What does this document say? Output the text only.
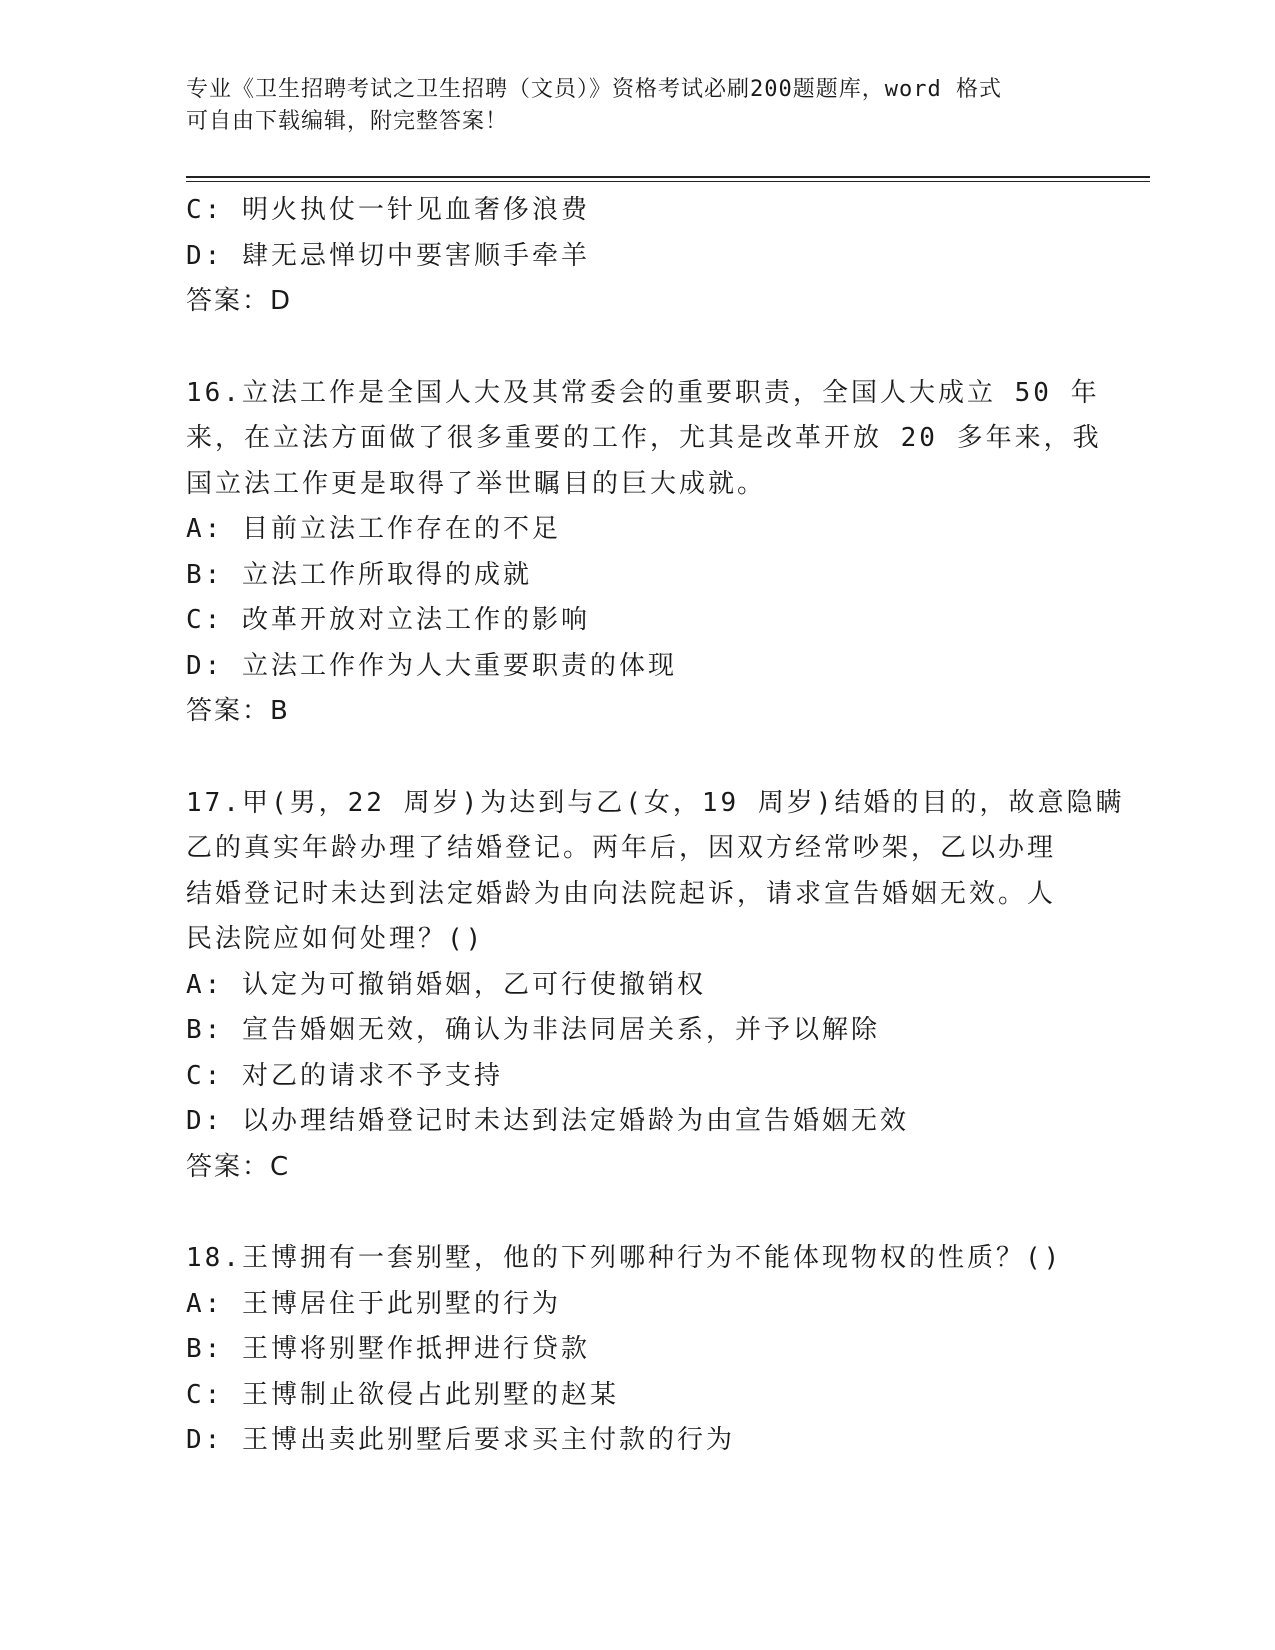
专业《卫生招聘考试之卫生招聘（文员）》资格考试必刷200题题库，word 格式
可自由下载编辑，附完整答案！
C: 明火执仗一针见血奢侈浪费
D: 肆无忌惮切中要害顺手牵羊
答案：D
16.立法工作是全国人大及其常委会的重要职责，全国人大成立 50 年
来，在立法方面做了很多重要的工作，尤其是改革开放 20 多年来，我
国立法工作更是取得了举世瞩目的巨大成就。
A: 目前立法工作存在的不足
B: 立法工作所取得的成就
C: 改革开放对立法工作的影响
D: 立法工作作为人大重要职责的体现
答案：B
17.甲(男，22 周岁)为达到与乙(女，19 周岁)结婚的目的，故意隐瞒
乙的真实年龄办理了结婚登记。两年后，因双方经常吵架，乙以办理
结婚登记时未达到法定婚龄为由向法院起诉，请求宣告婚姻无效。人
民法院应如何处理？()
A: 认定为可撤销婚姻，乙可行使撤销权
B: 宣告婚姻无效，确认为非法同居关系，并予以解除
C: 对乙的请求不予支持
D: 以办理结婚登记时未达到法定婚龄为由宣告婚姻无效
答案：C
18.王博拥有一套别墅，他的下列哪种行为不能体现物权的性质？()
A: 王博居住于此别墅的行为
B: 王博将别墅作抵押进行贷款
C: 王博制止欲侵占此别墅的赵某
D: 王博出卖此别墅后要求买主付款的行为
